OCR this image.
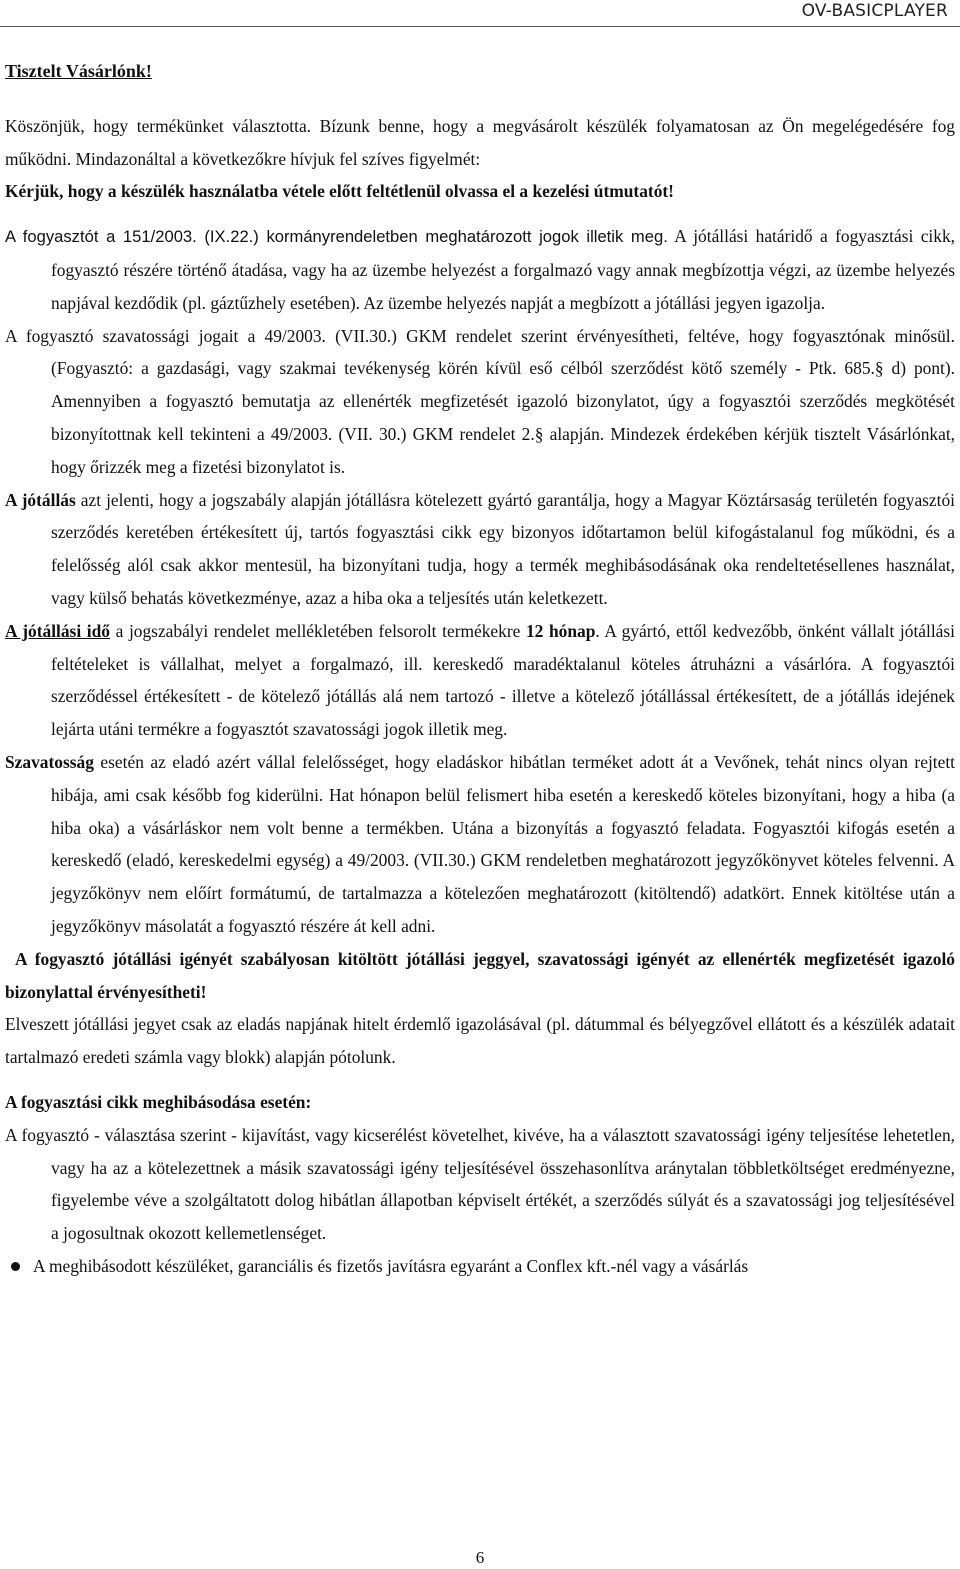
OV-BASICPLAYER

Tisztelt Vásárlónk!

Köszönjük, hogy termékünket választotta. Bízunk benne, hogy a megvásárolt készülék folyamatosan az Ön megelégedésére fog működni. Mindazonáltal a következőkre hívjuk fel szíves figyelmét:

Kérjük, hogy a készülék használatba vétele előtt feltétlenül olvassa el a kezelési útmutatót!

A fogyasztót a 151/2003. (IX.22.) kormányrendeletben meghatározott jogok illetik meg. A jótállási határidő a fogyasztási cikk, fogyasztó részére történő átadása, vagy ha az üzembe helyezést a forgalmazó vagy annak megbízottja végzi, az üzembe helyezés napjával kezdődik (pl. gáztűzhely esetében). Az üzembe helyezés napját a megbízott a jótállási jegyen igazolja.

A fogyasztó szavatossági jogait a 49/2003. (VII.30.) GKM rendelet szerint érvényesítheti, feltéve, hogy fogyasztónak minősül. (Fogyasztó: a gazdasági, vagy szakmai tevékenység körén kívül eső célból szerződést kötő személy - Ptk. 685.§ d) pont). Amennyiben a fogyasztó bemutatja az ellenérték megfizetését igazoló bizonylatot, úgy a fogyasztói szerződés megkötését bizonyítottnak kell tekinteni a 49/2003. (VII. 30.) GKM rendelet 2.§ alapján. Mindezek érdekében kérjük tisztelt Vásárlónkat, hogy őrizzék meg a fizetési bizonylatot is.

A jótállás azt jelenti, hogy a jogszabály alapján jótállásra kötelezett gyártó garantálja, hogy a Magyar Köztársaság területén fogyasztói szerződés keretében értékesített új, tartós fogyasztási cikk egy bizonyos időtartamon belül kifogástalanul fog működni, és a felelősség alól csak akkor mentesül, ha bizonyítani tudja, hogy a termék meghibásodásának oka rendeltetésellenes használat, vagy külső behatás következménye, azaz a hiba oka a teljesítés után keletkezett.

A jótállási idő a jogszabályi rendelet mellékletében felsorolt termékekre 12 hónap. A gyártó, ettől kedvezőbb, önként vállalt jótállási feltételeket is vállalhat, melyet a forgalmazó, ill. kereskedő maradéktalanul köteles átruházni a vásárlóra. A fogyasztói szerződéssel értékesített - de kötelező jótállás alá nem tartozó - illetve a kötelező jótállással értékesített, de a jótállás idejének lejárta utáni termékre a fogyasztót szavatossági jogok illetik meg.

Szavatosság esetén az eladó azért vállal felelősséget, hogy eladáskor hibátlan terméket adott át a Vevőnek, tehát nincs olyan rejtett hibája, ami csak később fog kiderülni. Hat hónapon belül felismert hiba esetén a kereskedő köteles bizonyítani, hogy a hiba (a hiba oka) a vásárláskor nem volt benne a termékben. Utána a bizonyítás a fogyasztó feladata. Fogyasztói kifogás esetén a kereskedő (eladó, kereskedelmi egység) a 49/2003. (VII.30.) GKM rendeletben meghatározott jegyzőkönyvet köteles felvenni. A jegyzőkönyv nem előírt formátumú, de tartalmazza a kötelezően meghatározott (kitöltendő) adatkört. Ennek kitöltése után a jegyzőkönyv másolatát a fogyasztó részére át kell adni.

A fogyasztó jótállási igényét szabályosan kitöltött jótállási jeggyel, szavatossági igényét az ellenérték megfizetését igazoló bizonylattal érvényesítheti!

Elveszett jótállási jegyet csak az eladás napjának hitelt érdemlő igazolásával (pl. dátummal és bélyegzővel ellátott és a készülék adatait tartalmazó eredeti számla vagy blokk) alapján pótolunk.

A fogyasztási cikk meghibásodása esetén:

A fogyasztó - választása szerint - kijavítást, vagy kicserélést követelhet, kivéve, ha a választott szavatossági igény teljesítése lehetetlen, vagy ha az a kötelezettnek a másik szavatossági igény teljesítésével összehasonlítva aránytalan többletköltséget eredményezne, figyelembe véve a szolgáltatott dolog hibátlan állapotban képviselt értékét, a szerződés súlyát és a szavatossági jog teljesítésével a jogosultnak okozott kellemetlenséget.

A meghibásodott készüléket, garanciális és fizetős javításra egyaránt a Conflex kft.-nél vagy a vásárlás

6
